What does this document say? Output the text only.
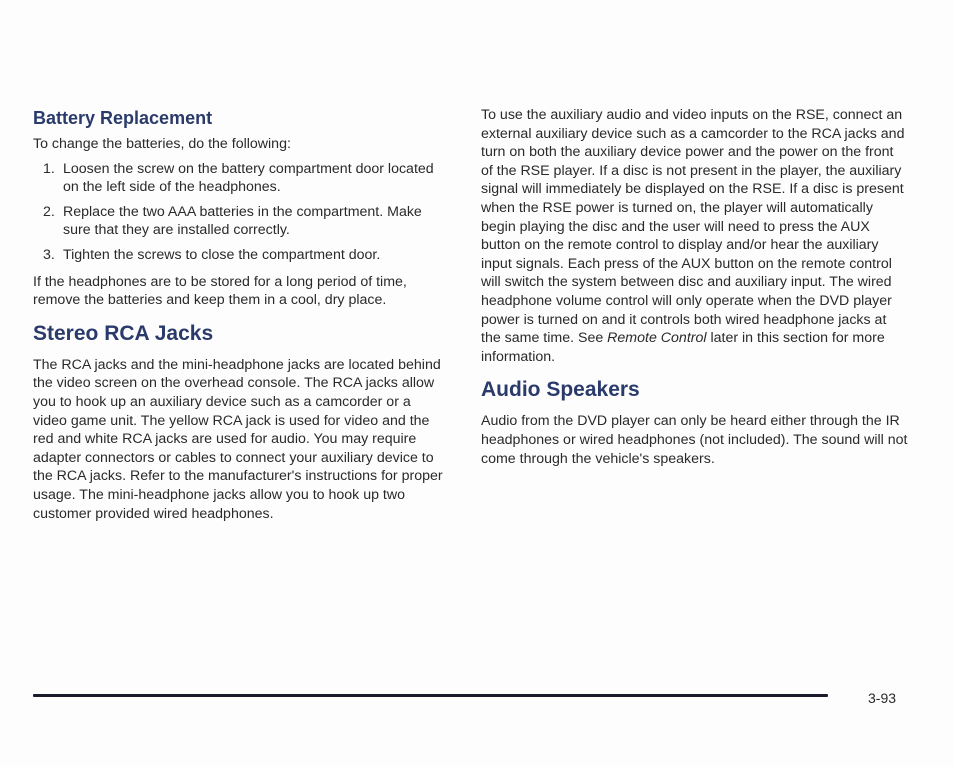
Battery Replacement

To change the batteries, do the following:

1. Loosen the screw on the battery compartment door located on the left side of the headphones.
2. Replace the two AAA batteries in the compartment. Make sure that they are installed correctly.
3. Tighten the screws to close the compartment door.

If the headphones are to be stored for a long period of time, remove the batteries and keep them in a cool, dry place.

Stereo RCA Jacks

The RCA jacks and the mini-headphone jacks are located behind the video screen on the overhead console. The RCA jacks allow you to hook up an auxiliary device such as a camcorder or a video game unit. The yellow RCA jack is used for video and the red and white RCA jacks are used for audio. You may require adapter connectors or cables to connect your auxiliary device to the RCA jacks. Refer to the manufacturer's instructions for proper usage. The mini-headphone jacks allow you to hook up two customer provided wired headphones.

To use the auxiliary audio and video inputs on the RSE, connect an external auxiliary device such as a camcorder to the RCA jacks and turn on both the auxiliary device power and the power on the front of the RSE player. If a disc is not present in the player, the auxiliary signal will immediately be displayed on the RSE. If a disc is present when the RSE power is turned on, the player will automatically begin playing the disc and the user will need to press the AUX button on the remote control to display and/or hear the auxiliary input signals. Each press of the AUX button on the remote control will switch the system between disc and auxiliary input. The wired headphone volume control will only operate when the DVD player power is turned on and it controls both wired headphone jacks at the same time. See Remote Control later in this section for more information.

Audio Speakers

Audio from the DVD player can only be heard either through the IR headphones or wired headphones (not included). The sound will not come through the vehicle's speakers.

3-93
